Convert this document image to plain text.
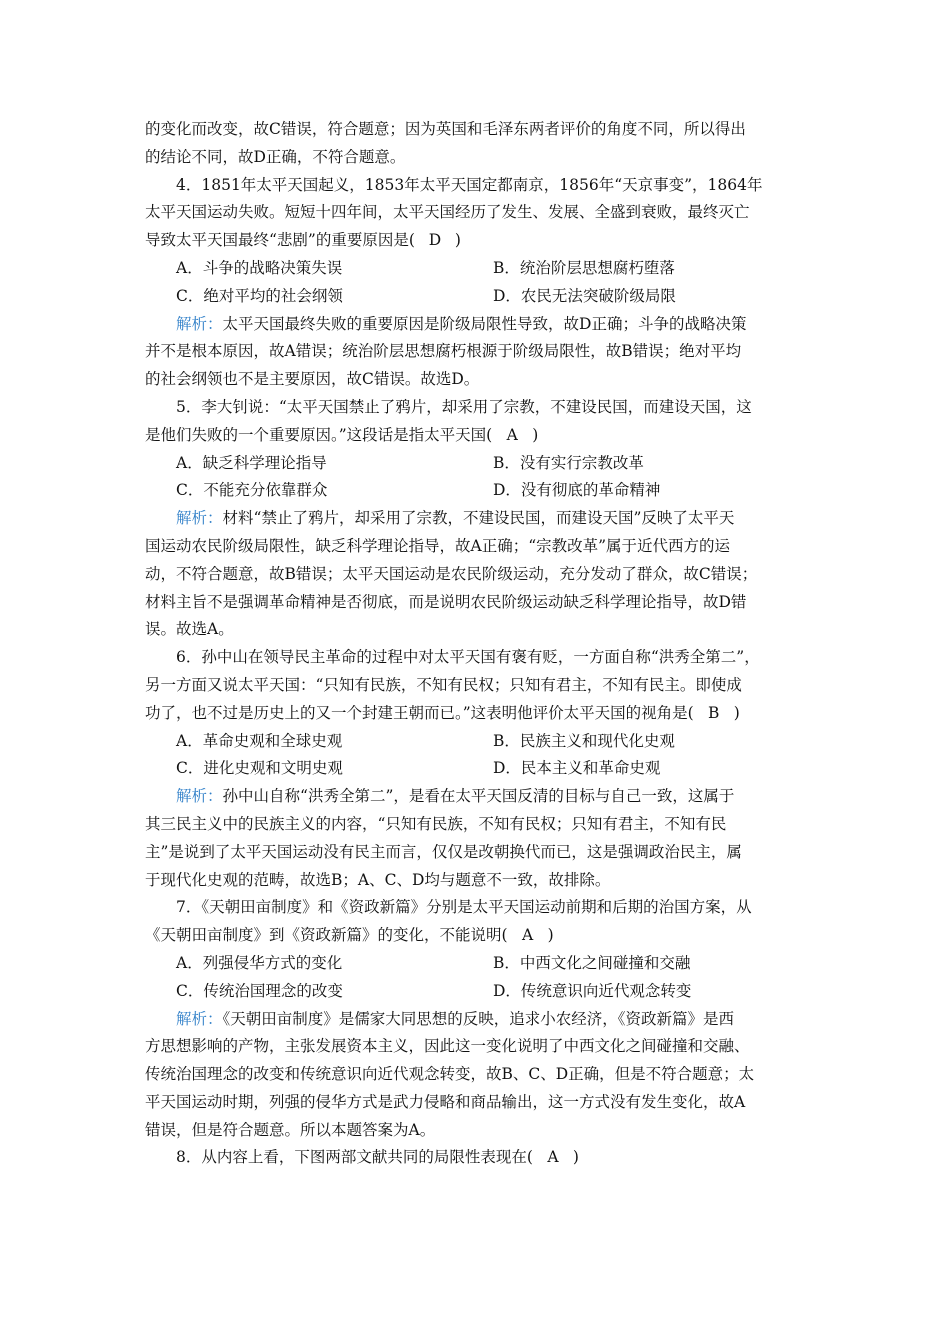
的变化而改变，故C错误，符合题意；因为英国和毛泽东两者评价的角度不同，所以得出
的结论不同，故D正确，不符合题意。
4．1851年太平天国起义，1853年太平天国定都南京，1856年“天京事变”，1864年
太平天国运动失败。短短十四年间，太平天国经历了发生、发展、全盛到衰败，最终灭亡
导致太平天国最终“悲剧”的重要原因是( D )
A．斗争的战略决策失误	B．统治阶层思想腐朽堕落
C．绝对平均的社会纲领	D．农民无法突破阶级局限
解析：太平天国最终失败的重要原因是阶级局限性导致，故D正确；斗争的战略决策
并不是根本原因，故A错误；统治阶层思想腐朽根源于阶级局限性，故B错误；绝对平均
的社会纲领也不是主要原因，故C错误。故选D。
5．李大钊说：“太平天国禁止了鸦片，却采用了宗教，不建设民国，而建设天国，这
是他们失败的一个重要原因。”这段话是指太平天国( A )
A．缺乏科学理论指导	B．没有实行宗教改革
C．不能充分依靠群众	D．没有彻底的革命精神
解析：材料“禁止了鸦片，却采用了宗教，不建设民国，而建设天国”反映了太平天
国运动农民阶级局限性，缺乏科学理论指导，故A正确；“宗教改革”属于近代西方的运
动，不符合题意，故B错误；太平天国运动是农民阶级运动，充分发动了群众，故C错误；
材料主旨不是强调革命精神是否彻底，而是说明农民阶级运动缺乏科学理论指导，故D错
误。故选A。
6．孙中山在领导民主革命的过程中对太平天国有褒有贬，一方面自称“洪秀全第二”，
另一方面又说太平天国：“只知有民族，不知有民权；只知有君主，不知有民主。即使成
功了，也不过是历史上的又一个封建王朝而已。”这表明他评价太平天国的视角是( B )
A．革命史观和全球史观	B．民族主义和现代化史观
C．进化史观和文明史观	D．民本主义和革命史观
解析：孙中山自称“洪秀全第二”，是看在太平天国反清的目标与自己一致，这属于
其三民主义中的民族主义的内容，“只知有民族，不知有民权；只知有君主，不知有民
主”是说到了太平天国运动没有民主而言，仅仅是改朝换代而已，这是强调政治民主，属
于现代化史观的范畴，故选B；A、C、D均与题意不一致，故排除。
7．《天朝田亩制度》和《资政新篇》分别是太平天国运动前期和后期的治国方案，从
《天朝田亩制度》到《资政新篇》的变化，不能说明( A )
A．列强侵华方式的变化	B．中西文化之间碰撞和交融
C．传统治国理念的改变	D．传统意识向近代观念转变
解析：《天朝田亩制度》是儒家大同思想的反映，追求小农经济，《资政新篇》是西
方思想影响的产物，主张发展资本主义，因此这一变化说明了中西文化之间碰撞和交融、
传统治国理念的改变和传统意识向近代观念转变，故B、C、D正确，但是不符合题意；太
平天国运动时期，列强的侵华方式是武力侵略和商品输出，这一方式没有发生变化，故A
错误，但是符合题意。所以本题答案为A。
8．从内容上看，下图两部文献共同的局限性表现在( A )
